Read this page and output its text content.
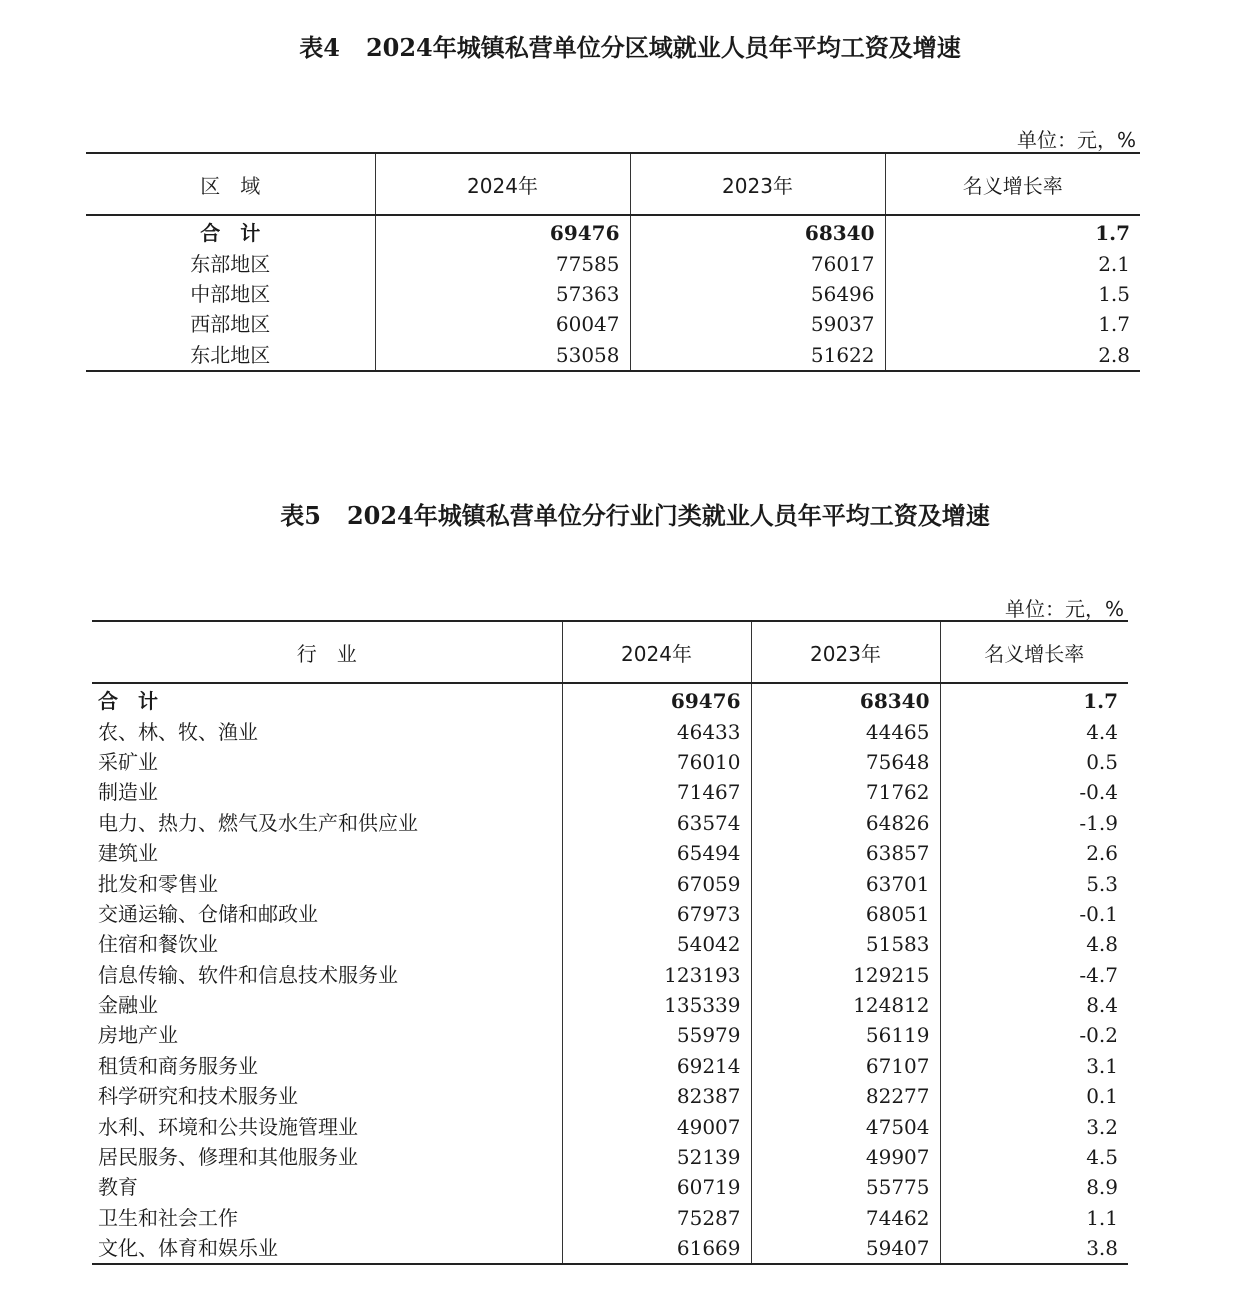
表4 2024年城镇私营单位分区域就业人员年平均工资及增速
单位：元，%
区　域	2024年	2023年	名义增长率
合　计	69476	68340	1.7
东部地区	77585	76017	2.1
中部地区	57363	56496	1.5
西部地区	60047	59037	1.7
东北地区	53058	51622	2.8
表5 2024年城镇私营单位分行业门类就业人员年平均工资及增速
单位：元，%
行　业	2024年	2023年	名义增长率
合　计	69476	68340	1.7
农、林、牧、渔业	46433	44465	4.4
采矿业	76010	75648	0.5
制造业	71467	71762	-0.4
电力、热力、燃气及水生产和供应业	63574	64826	-1.9
建筑业	65494	63857	2.6
批发和零售业	67059	63701	5.3
交通运输、仓储和邮政业	67973	68051	-0.1
住宿和餐饮业	54042	51583	4.8
信息传输、软件和信息技术服务业	123193	129215	-4.7
金融业	135339	124812	8.4
房地产业	55979	56119	-0.2
租赁和商务服务业	69214	67107	3.1
科学研究和技术服务业	82387	82277	0.1
水利、环境和公共设施管理业	49007	47504	3.2
居民服务、修理和其他服务业	52139	49907	4.5
教育	60719	55775	8.9
卫生和社会工作	75287	74462	1.1
文化、体育和娱乐业	61669	59407	3.8
